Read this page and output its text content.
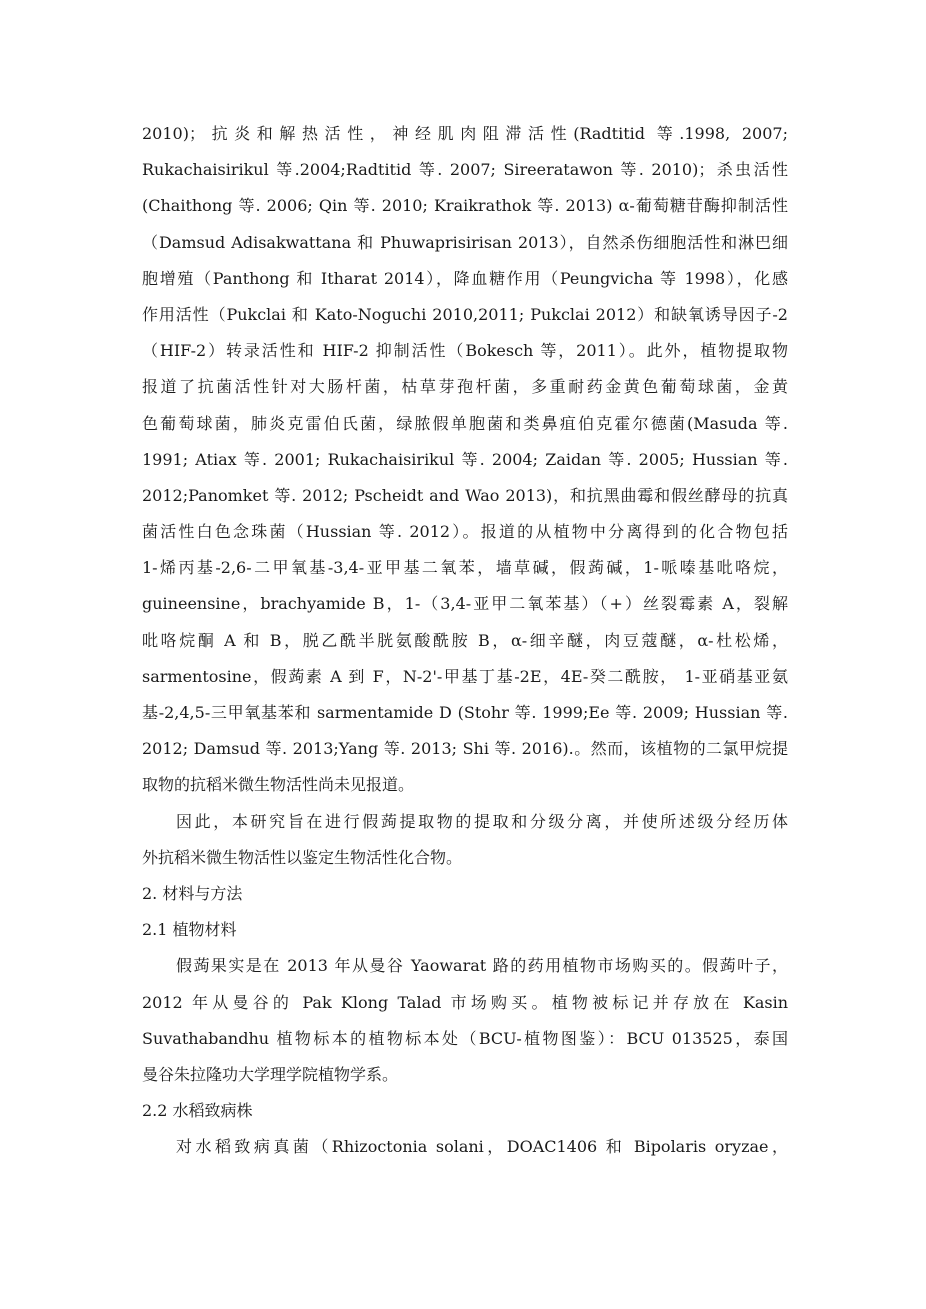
2010)；抗炎和解热活性，神经肌肉阻滞活性(Radtitid 等.1998, 2007;
Rukachaisirikul 等.2004;Radtitid 等. 2007; Sireeratawon 等. 2010)；杀虫活性
(Chaithong 等. 2006; Qin 等. 2010; Kraikrathok 等. 2013) α-葡萄糖苷酶抑制活性
（Damsud Adisakwattana 和 Phuwaprisirisan 2013），自然杀伤细胞活性和淋巴细
胞增殖（Panthong 和 Itharat 2014），降血糖作用（Peungvicha 等 1998），化感
作用活性（Pukclai 和 Kato-Noguchi 2010,2011; Pukclai 2012）和缺氧诱导因子-2
（HIF-2）转录活性和 HIF-2 抑制活性（Bokesch 等，2011）。此外，植物提取物
报道了抗菌活性针对大肠杆菌，枯草芽孢杆菌，多重耐药金黄色葡萄球菌，金黄
色葡萄球菌，肺炎克雷伯氏菌，绿脓假单胞菌和类鼻疽伯克霍尔德菌(Masuda 等.
1991; Atiax 等. 2001; Rukachaisirikul 等. 2004; Zaidan 等. 2005; Hussian 等.
2012;Panomket 等. 2012; Pscheidt and Wao 2013)，和抗黑曲霉和假丝酵母的抗真
菌活性白色念珠菌（Hussian 等. 2012）。报道的从植物中分离得到的化合物包括
1-烯丙基-2,6-二甲氧基-3,4-亚甲基二氧苯，墙草碱，假蒟碱，1-哌嗪基吡咯烷，
guineensine，brachyamide B，1-（3,4-亚甲二氧苯基）（+）丝裂霉素 A，裂解
吡咯烷酮 A 和 B，脱乙酰半胱氨酸酰胺 B，α-细辛醚，肉豆蔻醚，α-杜松烯，
sarmentosine，假蒟素 A 到 F，N-2'-甲基丁基-2E，4E-癸二酰胺， 1-亚硝基亚氨
基-2,4,5-三甲氧基苯和 sarmentamide D (Stohr 等. 1999;Ee 等. 2009; Hussian 等.
2012; Damsud 等. 2013;Yang 等. 2013; Shi 等. 2016).。然而，该植物的二氯甲烷提
取物的抗稻米微生物活性尚未见报道。
因此，本研究旨在进行假蒟提取物的提取和分级分离，并使所述级分经历体
外抗稻米微生物活性以鉴定生物活性化合物。
2. 材料与方法
2.1 植物材料
假蒟果实是在 2013 年从曼谷 Yaowarat 路的药用植物市场购买的。假蒟叶子，
2012 年从曼谷的 Pak Klong Talad 市场购买。植物被标记并存放在 Kasin
Suvathabandhu 植物标本的植物标本处（BCU-植物图鉴）：BCU 013525，泰国
曼谷朱拉隆功大学理学院植物学系。
2.2 水稻致病株
对水稻致病真菌（Rhizoctonia solani，DOAC1406 和 Bipolaris oryzae，
